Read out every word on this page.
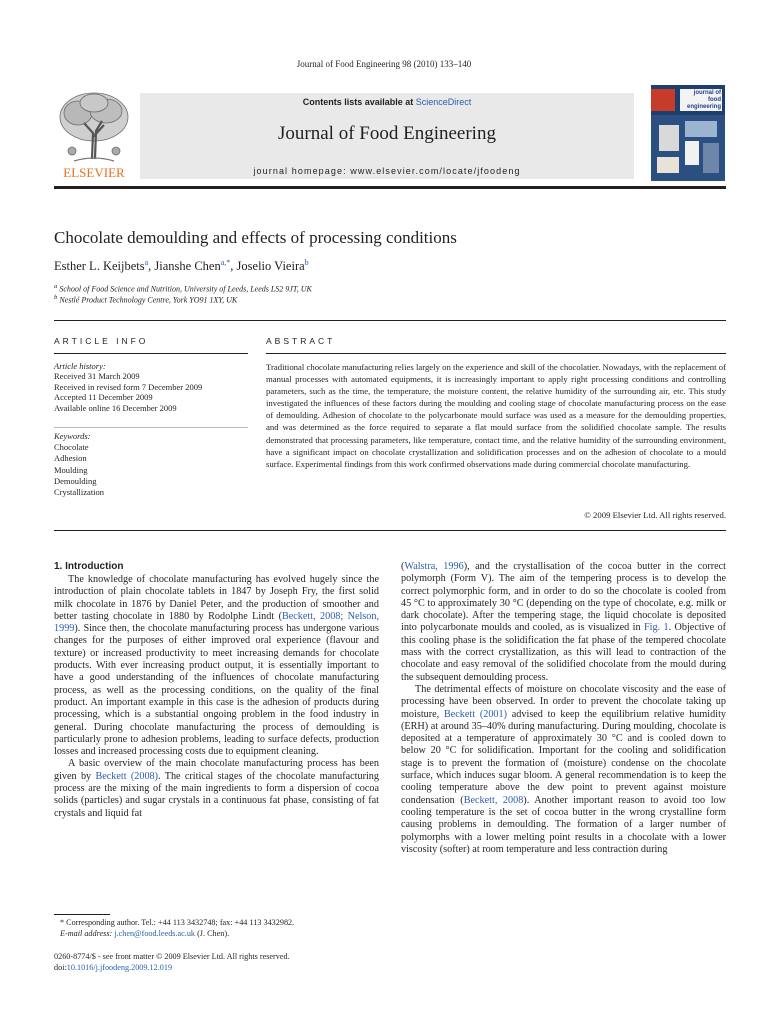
Journal of Food Engineering 98 (2010) 133–140
ELSEVIER
Contents lists available at ScienceDirect
Journal of Food Engineering
journal homepage: www.elsevier.com/locate/jfoodeng
journal of
food engineering
Chocolate demoulding and effects of processing conditions
Esther L. Keijbets$^a$, Jianshe Chen$^{a,*}$, Joselio Vieira$^b$
$^a$ School of Food Science and Nutrition, University of Leeds, Leeds LS2 9JT, UK
$^b$ Nestlé Product Technology Centre, York YO91 1XY, UK
ARTICLE INFO
Article history:
Received 31 March 2009
Received in revised form 7 December 2009
Accepted 11 December 2009
Available online 16 December 2009
Keywords:
Chocolate
Adhesion
Moulding
Demoulding
Crystallization
ABSTRACT
Traditional chocolate manufacturing relies largely on the experience and skill of the chocolatier. Nowadays, with the replacement of manual processes with automated equipments, it is increasingly important to apply right processing conditions and controlling parameters, such as the time, the temperature, the moisture content, the relative humidity of the surrounding air, etc. This study investigated the influences of these factors during the moulding and cooling stage of chocolate manufacturing process on the ease of demoulding. Adhesion of chocolate to the polycarbonate mould surface was used as a measure for the demoulding properties, and was determined as the force required to separate a flat mould surface from the solidified chocolate sample. The results demonstrated that processing parameters, like temperature, contact time, and the relative humidity of the surrounding environment, have a significant impact on chocolate crystallization and solidification processes and on the adhesion of chocolate to a mould surface. Experimental findings from this work confirmed observations made during commercial chocolate manufacturing.
© 2009 Elsevier Ltd. All rights reserved.
1. Introduction

The knowledge of chocolate manufacturing has evolved hugely since the introduction of plain chocolate tablets in 1847 by Joseph Fry, the first solid milk chocolate in 1876 by Daniel Peter, and the production of smoother and better tasting chocolate in 1880 by Rodolphe Lindt (Beckett, 2008; Nelson, 1999). Since then, the chocolate manufacturing process has undergone various changes for the purposes of either improved oral experience (flavour and texture) or increased productivity to meet increasing demands for chocolate products. With ever increasing product output, it is essentially important to have a good understanding of the influences of chocolate manufacturing process, as well as the processing conditions, on the quality of the final product. An important example in this case is the adhesion of products during processing, which is a substantial ongoing problem in the food industry in general. During chocolate manufacturing the process of demoulding is particularly prone to adhesion problems, leading to surface defects, production losses and increased processing costs due to equipment cleaning.

A basic overview of the main chocolate manufacturing process has been given by Beckett (2008). The critical stages of the chocolate manufacturing process are the mixing of the main ingredients to form a dispersion of cocoa solids (particles) and sugar crystals in a continuous fat phase, consisting of fat crystals and liquid fat

(Walstra, 1996), and the crystallisation of the cocoa butter in the correct polymorph (Form V). The aim of the tempering process is to develop the correct polymorphic form, and in order to do so the chocolate is cooled from 45 °C to approximately 30 °C (depending on the type of chocolate, e.g. milk or dark chocolate). After the tempering stage, the liquid chocolate is deposited into polycarbonate moulds and cooled, as is visualized in Fig. 1. Objective of this cooling phase is the solidification the fat phase of the tempered chocolate mass with the correct crystallization, as this will lead to contraction of the chocolate and easy removal of the solidified chocolate from the mould during the subsequent demoulding process.

The detrimental effects of moisture on chocolate viscosity and the ease of processing have been observed. In order to prevent the chocolate taking up moisture, Beckett (2001) advised to keep the equilibrium relative humidity (ERH) at around 35–40% during manufacturing. During moulding, chocolate is deposited at a temperature of approximately 30 °C and is cooled down to below 20 °C for solidification. Important for the cooling and solidification stage is to prevent the formation of (moisture) condense on the chocolate surface, which induces sugar bloom. A general recommendation is to keep the cooling temperature above the dew point to prevent against moisture condensation (Beckett, 2008). Another important reason to avoid too low cooling temperature is the set of cocoa butter in the wrong crystalline form causing problems in demoulding. The formation of a larger number of polymorphs with a lower melting point results in a chocolate with a lower viscosity (softer) at room temperature and less contraction during

* Corresponding author. Tel.: +44 113 3432748; fax: +44 113 3432982.
E-mail address: j.chen@food.leeds.ac.uk (J. Chen).
0260-8774/$ - see front matter © 2009 Elsevier Ltd. All rights reserved.
doi:10.1016/j.jfoodeng.2009.12.019
